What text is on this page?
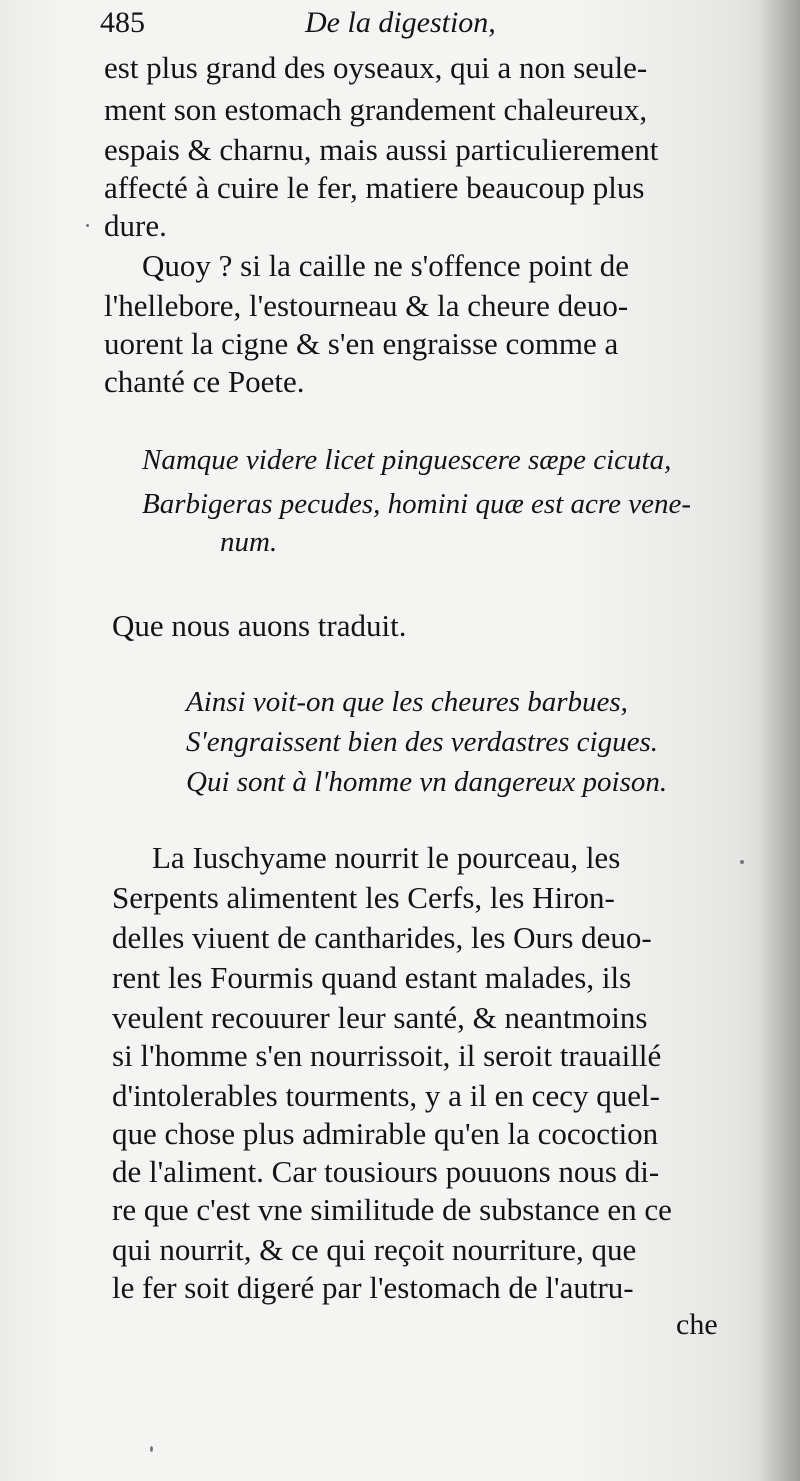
485	De la digestion,
est plus grand des oyseaux, qui a non seule-
ment son estomach grandement chaleureux,
espais & charnu, mais aussi particulierement
affecté à cuire le fer, matiere beaucoup plus
dure.
Quoy ? si la caille ne s'offence point de
l'hellebore, l'estourneau & la cheure deuo-
uorent la cigne & s'en engraisse comme a
chanté ce Poete.
Namque videre licet pinguescere sæpe cicuta,
Barbigeras pecudes, homini quæ est acre vene-
num.
Que nous auons traduit.
Ainsi voit-on que les cheures barbues,
S'engraissent bien des verdastres cigues.
Qui sont à l'homme vn dangereux poison.
La Iuschyame nourrit le pourceau, les
Serpents alimentent les Cerfs, les Hiron-
delles viuent de cantharides, les Ours deuo-
rent les Fourmis quand estant malades, ils
veulent recouurer leur santé, & neantmoins
si l'homme s'en nourrissoit, il seroit trauaillé
d'intolerables tourments, y a il en cecy quel-
que chose plus admirable qu'en la cocoction
de l'aliment. Car tousiours pouuons nous di-
re que c'est vne similitude de substance en ce
qui nourrit, & ce qui reçoit nourriture, que
le fer soit digeré par l'estomach de l'autru-
che
